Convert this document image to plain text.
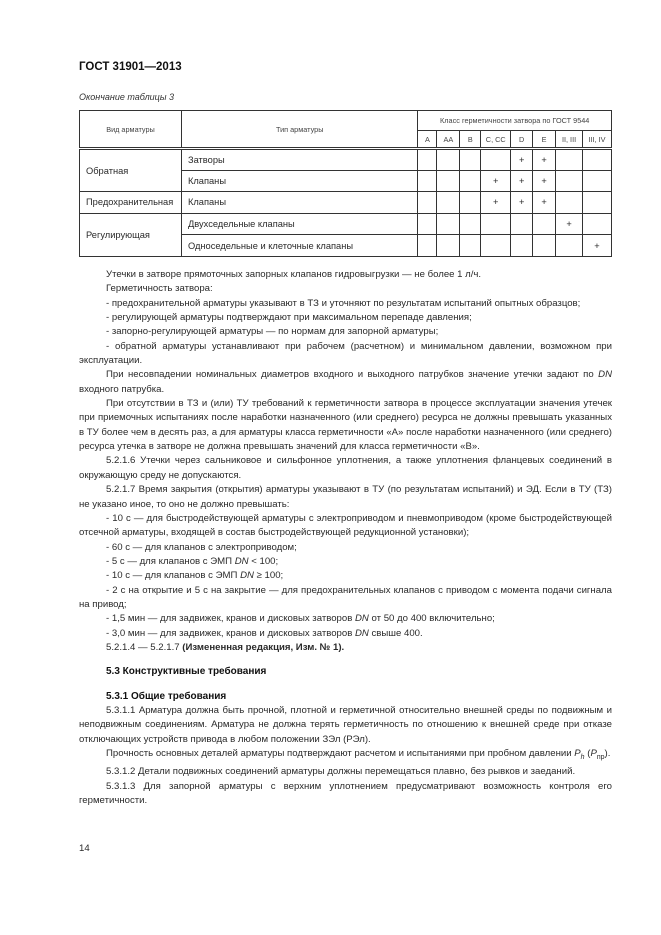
ГОСТ 31901—2013
Окончание таблицы 3
Вид арматуры	Тип арматуры	Класс герметичности затвора по ГОСТ 9544							
		A	AA	B	C, CC	D	E	II, III	III, IV
Обратная	Затворы					+	+		
	Клапаны				+	+	+		
Предохранительная	Клапаны				+	+	+		
Регулирующая	Двухседельные клапаны							+	
	Односедельные и клеточные клапаны								+

Утечки в затворе прямоточных запорных клапанов гидровыгрузки — не более 1 л/ч.

Герметичность затвора:

- предохранительной арматуры указывают в ТЗ и уточняют по результатам испытаний опытных образцов;

- регулирующей арматуры подтверждают при максимальном перепаде давления;

- запорно-регулирующей арматуры — по нормам для запорной арматуры;

- обратной арматуры устанавливают при рабочем (расчетном) и минимальном давлении, возможном при эксплуатации.

При несовпадении номинальных диаметров входного и выходного патрубков значение утечки задают по DN входного патрубка.

При отсутствии в ТЗ и (или) ТУ требований к герметичности затвора в процессе эксплуатации значения утечек при приемочных испытаниях после наработки назначенного (или среднего) ресурса не должны превышать указанных в ТУ более чем в десять раз, а для арматуры класса герметичности «А» после наработки назначенного (или среднего) ресурса утечка в затворе не должна превышать значений для класса герметичности «В».

5.2.1.6 Утечки через сальниковое и сильфонное уплотнения, а также уплотнения фланцевых соединений в окружающую среду не допускаются.

5.2.1.7 Время закрытия (открытия) арматуры указывают в ТУ (по результатам испытаний) и ЭД. Если в ТУ (ТЗ) не указано иное, то оно не должно превышать:

- 10 с — для быстродействующей арматуры с электроприводом и пневмоприводом (кроме быстродействующей отсечной арматуры, входящей в состав быстродействующей редукционной установки);

- 60 с — для клапанов с электроприводом;

- 5 с — для клапанов с ЭМП DN < 100;

- 10 с — для клапанов с ЭМП DN ≥ 100;

- 2 с на открытие и 5 с на закрытие — для предохранительных клапанов с приводом с момента подачи сигнала на привод;

- 1,5 мин — для задвижек, кранов и дисковых затворов DN от 50 до 400 включительно;

- 3,0 мин — для задвижек, кранов и дисковых затворов DN свыше 400.

5.2.1.4 — 5.2.1.7 (Измененная редакция, Изм. № 1).

5.3 Конструктивные требования

5.3.1 Общие требования

5.3.1.1 Арматура должна быть прочной, плотной и герметичной относительно внешней среды по подвижным и неподвижным соединениям. Арматура не должна терять герметичность по отношению к внешней среде при отказе отключающих устройств привода в любом положении ЗЭл (РЭл).

Прочность основных деталей арматуры подтверждают расчетом и испытаниями при пробном давлении $P_h$ $(P_{пр})$.

5.3.1.2 Детали подвижных соединений арматуры должны перемещаться плавно, без рывков и заеданий.

5.3.1.3 Для запорной арматуры с верхним уплотнением предусматривают возможность контроля его герметичности.

14
